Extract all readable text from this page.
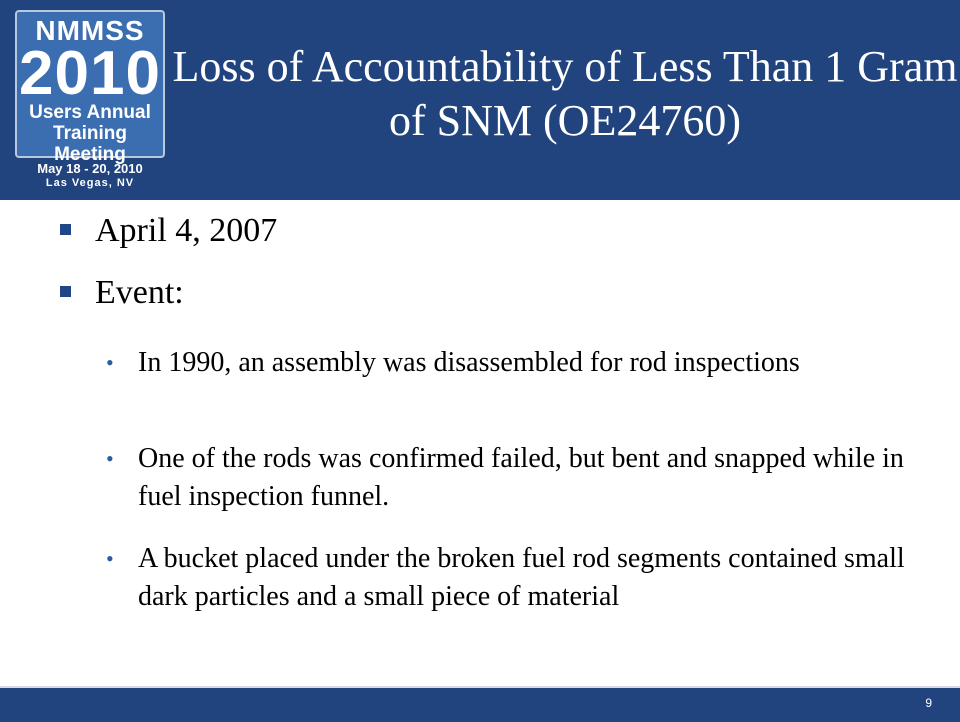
NMMSS
2010
Users Annual
Training Meeting
May 18 - 20, 2010
Las Vegas, NV
Loss of Accountability of Less Than 1 Gram of SNM (OE24760)
April 4, 2007
Event:
• In 1990, an assembly was disassembled for rod inspections
• One of the rods was confirmed failed, but bent and snapped while in fuel inspection funnel.
• A bucket placed under the broken fuel rod segments contained small dark particles and a small piece of material
9
